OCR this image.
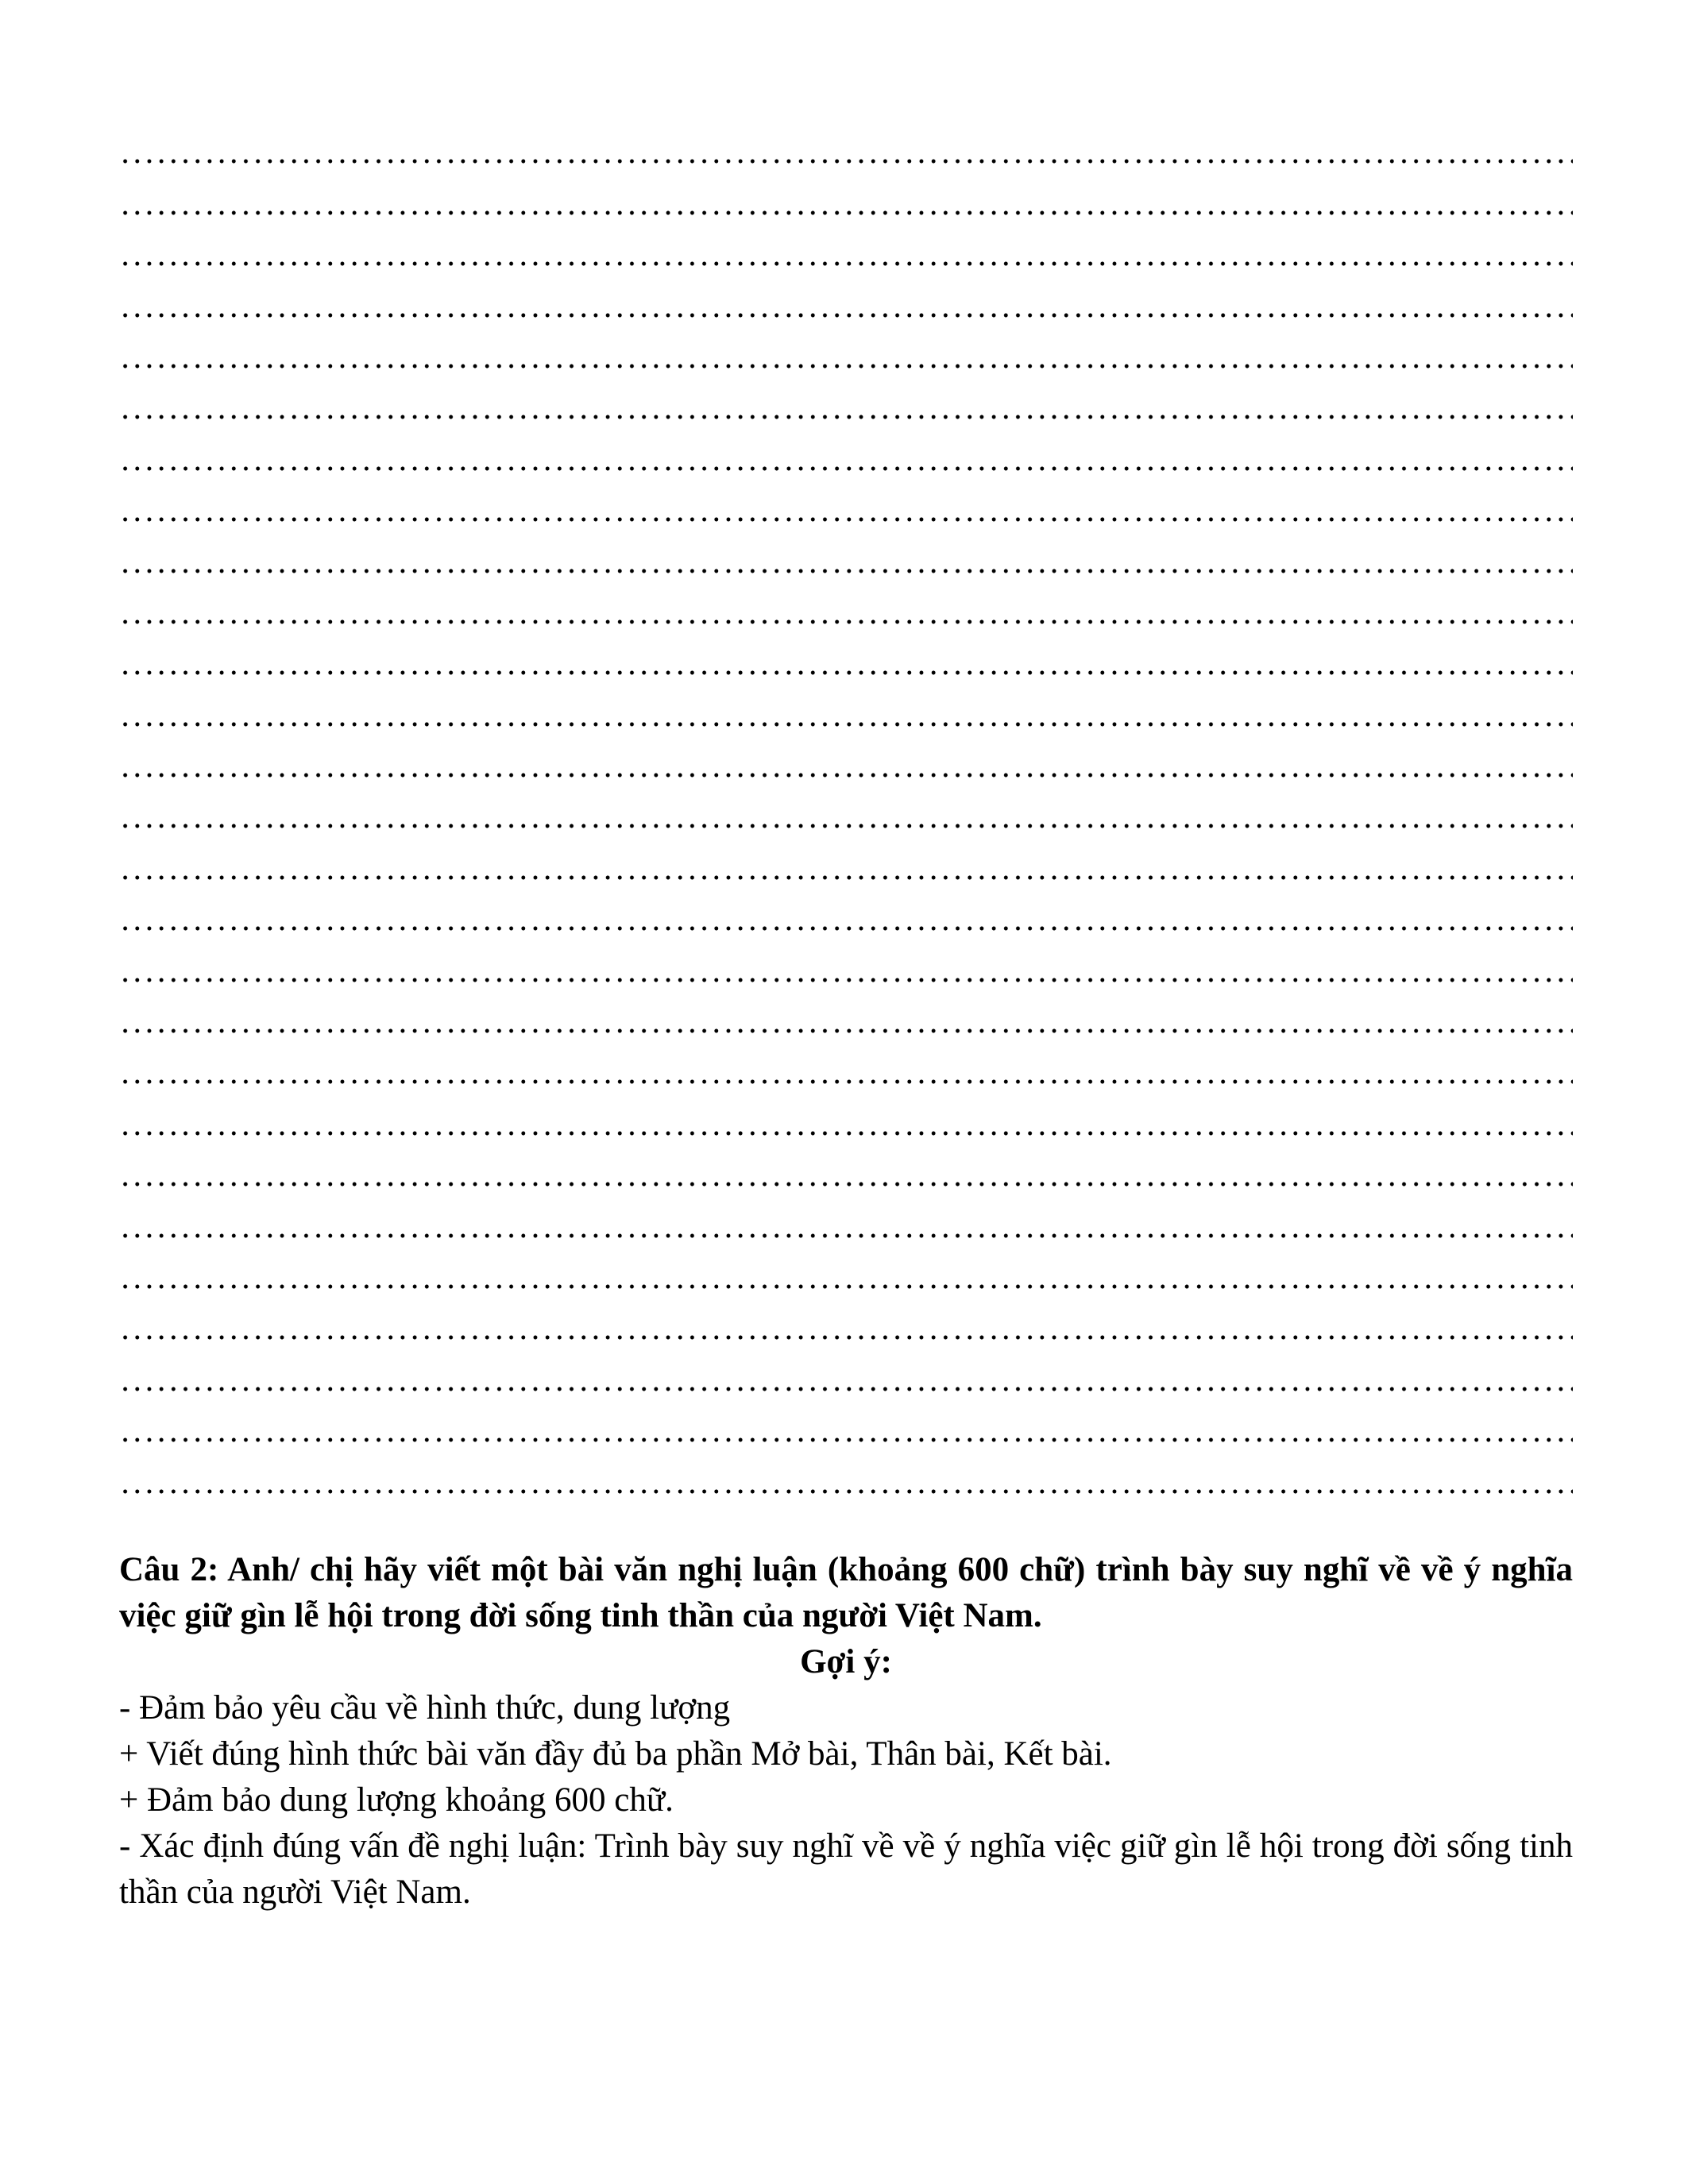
Câu 2: Anh/ chị hãy viết một bài văn nghị luận (khoảng 600 chữ) trình bày suy nghĩ về về ý nghĩa việc giữ gìn lễ hội trong đời sống tinh thần của người Việt Nam.

Gợi ý:

- Đảm bảo yêu cầu về hình thức, dung lượng

+ Viết đúng hình thức bài văn đầy đủ ba phần Mở bài, Thân bài, Kết bài.

+ Đảm bảo dung lượng khoảng 600 chữ.

- Xác định đúng vấn đề nghị luận: Trình bày suy nghĩ về về ý nghĩa việc giữ gìn lễ hội trong đời sống tinh thần của người Việt Nam.
